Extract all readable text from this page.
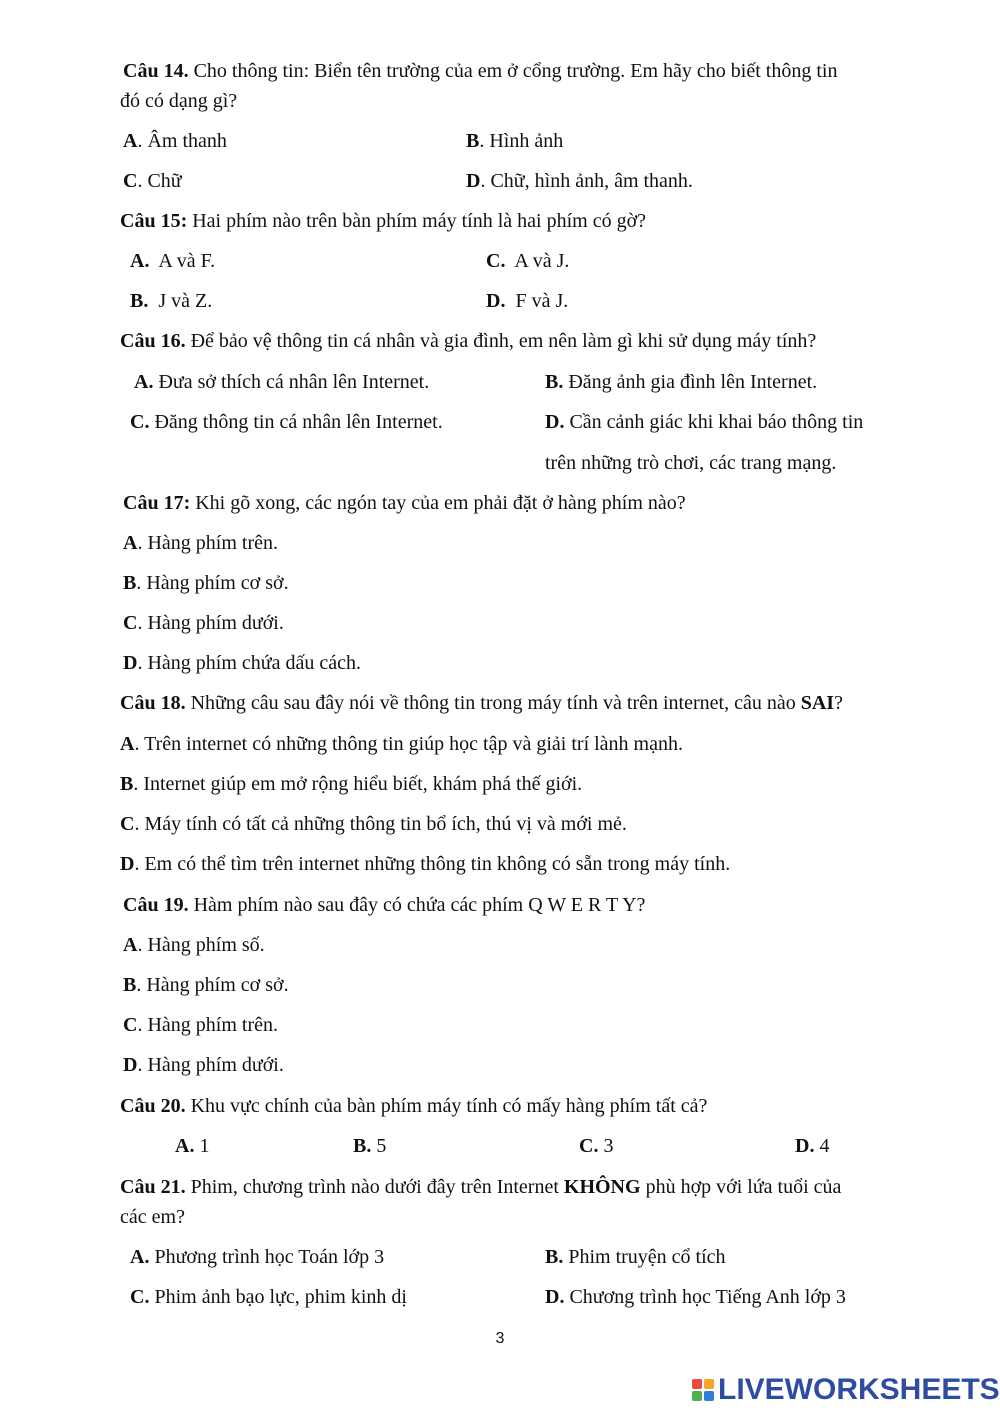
Câu 14. Cho thông tin: Biển tên trường của em ở cổng trường. Em hãy cho biết thông tin
đó có dạng gì?
A. Âm thanh	B. Hình ảnh
C. Chữ	D. Chữ, hình ảnh, âm thanh.
Câu 15: Hai phím nào trên bàn phím máy tính là hai phím có gờ?
A.  A và F.	C.  A và J.
B.  J và Z.	D.  F và J.
Câu 16. Để bảo vệ thông tin cá nhân và gia đình, em nên làm gì khi sử dụng máy tính?
A. Đưa sở thích cá nhân lên Internet.	B. Đăng ảnh gia đình lên Internet.
C. Đăng thông tin cá nhân lên Internet.	D. Cần cảnh giác khi khai báo thông tin
trên những trò chơi, các trang mạng.
Câu 17: Khi gõ xong, các ngón tay của em phải đặt ở hàng phím nào?
A. Hàng phím trên.
B. Hàng phím cơ sở.
C. Hàng phím dưới.
D. Hàng phím chứa dấu cách.
Câu 18. Những câu sau đây nói về thông tin trong máy tính và trên internet, câu nào SAI?
A. Trên internet có những thông tin giúp học tập và giải trí lành mạnh.
B. Internet giúp em mở rộng hiểu biết, khám phá thế giới.
C. Máy tính có tất cả những thông tin bổ ích, thú vị và mới mẻ.
D. Em có thể tìm trên internet những thông tin không có sẵn trong máy tính.
Câu 19. Hàm phím nào sau đây có chứa các phím Q W E R T Y?
A. Hàng phím số.
B. Hàng phím cơ sở.
C. Hàng phím trên.
D. Hàng phím dưới.
Câu 20. Khu vực chính của bàn phím máy tính có mấy hàng phím tất cả?
A. 1	B. 5	C. 3	D. 4
Câu 21. Phim, chương trình nào dưới đây trên Internet KHÔNG phù hợp với lứa tuổi của
các em?
A. Phương trình học Toán lớp 3	B. Phim truyện cổ tích
C. Phim ảnh bạo lực, phim kinh dị	D. Chương trình học Tiếng Anh lớp 3
3
LIVEWORKSHEETS
